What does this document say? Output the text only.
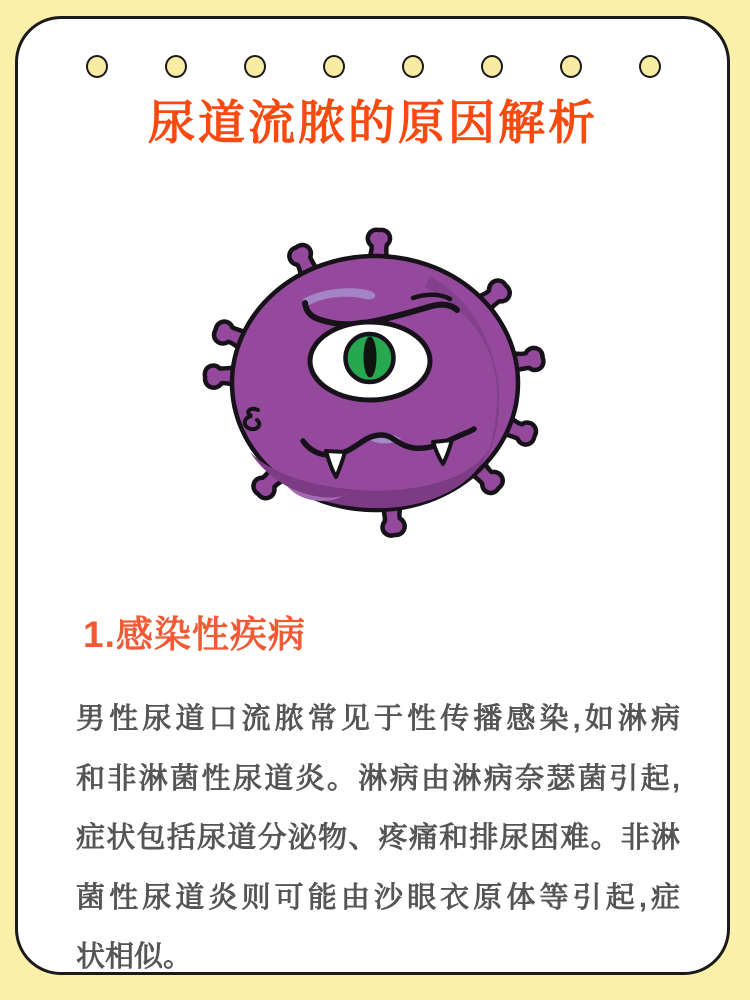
尿道流脓的原因解析
1.感染性疾病
男性尿道口流脓常见于性传播感染,如淋病
和非淋菌性尿道炎。淋病由淋病奈瑟菌引起,
症状包括尿道分泌物、疼痛和排尿困难。非淋
菌性尿道炎则可能由沙眼衣原体等引起,症
状相似。
